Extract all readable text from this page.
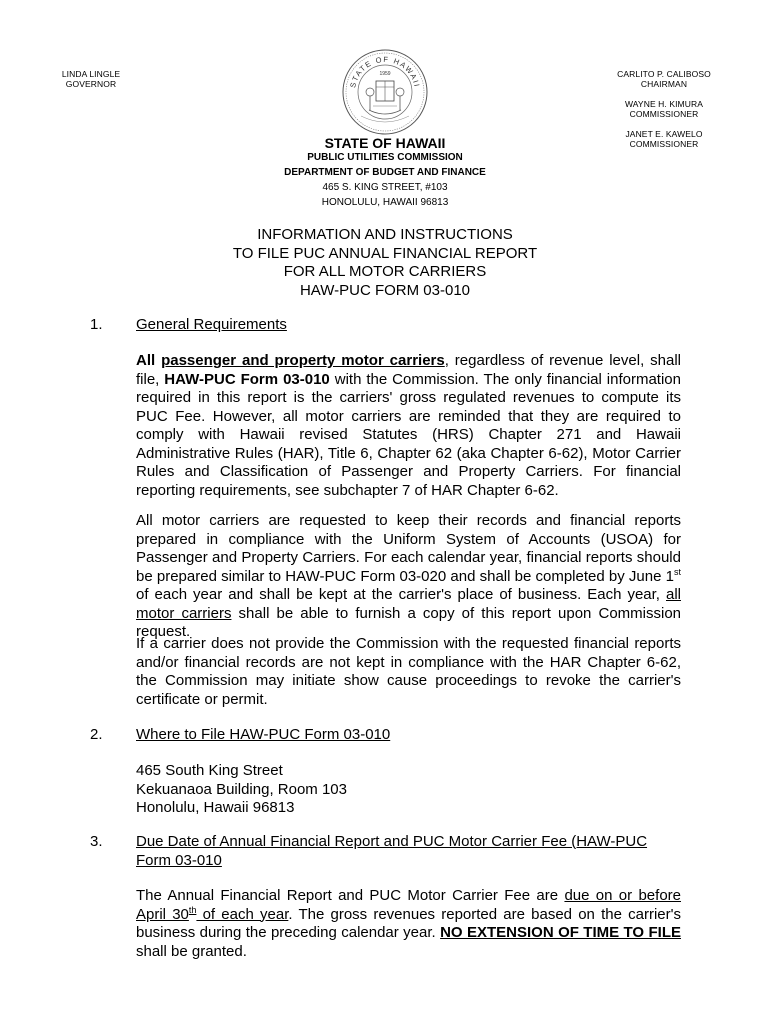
LINDA LINGLE
GOVERNOR	STATE OF HAWAII
1959	CARLITO P. CALIBOSO
CHAIRMAN
WAYNE H. KIMURA
COMMISSIONER
JANET E. KAWELO
COMMISSIONER
STATE OF HAWAII
PUBLIC UTILITIES COMMISSION
DEPARTMENT OF BUDGET AND FINANCE
465 S. KING STREET, #103
HONOLULU, HAWAII 96813
INFORMATION AND INSTRUCTIONS
TO FILE PUC ANNUAL FINANCIAL REPORT
FOR ALL MOTOR CARRIERS
HAW-PUC FORM 03-010
1. General Requirements
All passenger and property motor carriers, regardless of revenue level, shall file, HAW-PUC Form 03-010 with the Commission. The only financial information required in this report is the carriers' gross regulated revenues to compute its PUC Fee. However, all motor carriers are reminded that they are required to comply with Hawaii revised Statutes (HRS) Chapter 271 and Hawaii Administrative Rules (HAR), Title 6, Chapter 62 (aka Chapter 6-62), Motor Carrier Rules and Classification of Passenger and Property Carriers. For financial reporting requirements, see subchapter 7 of HAR Chapter 6-62.
All motor carriers are requested to keep their records and financial reports prepared in compliance with the Uniform System of Accounts (USOA) for Passenger and Property Carriers. For each calendar year, financial reports should be prepared similar to HAW-PUC Form 03-020 and shall be completed by June 1st of each year and shall be kept at the carrier's place of business. Each year, all motor carriers shall be able to furnish a copy of this report upon Commission request.
If a carrier does not provide the Commission with the requested financial reports and/or financial records are not kept in compliance with the HAR Chapter 6-62, the Commission may initiate show cause proceedings to revoke the carrier's certificate or permit.
2. Where to File HAW-PUC Form 03-010
465 South King Street
Kekuanaoa Building, Room 103
Honolulu, Hawaii 96813
3. Due Date of Annual Financial Report and PUC Motor Carrier Fee (HAW-PUC Form 03-010
The Annual Financial Report and PUC Motor Carrier Fee are due on or before April 30th of each year. The gross revenues reported are based on the carrier's business during the preceding calendar year. NO EXTENSION OF TIME TO FILE shall be granted.
